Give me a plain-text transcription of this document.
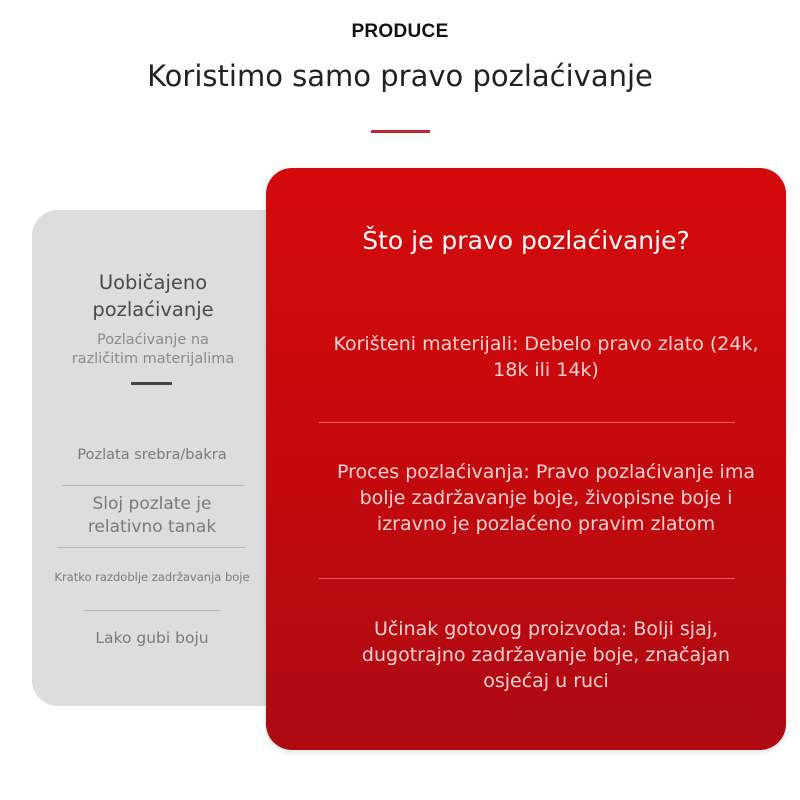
PRODUCE
Koristimo samo pravo pozlaćivanje
Uobičajeno
pozlaćivanje
Pozlaćivanje na
različitim materijalima
Pozlata srebra/bakra
Sloj pozlate je
relativno tanak
Kratko razdoblje zadržavanja boje
Lako gubi boju
Što je pravo pozlaćivanje?
Korišteni materijali: Debelo pravo zlato (24k,
18k ili 14k)
Proces pozlaćivanja: Pravo pozlaćivanje ima
bolje zadržavanje boje, živopisne boje i
izravno je pozlaćeno pravim zlatom
Učinak gotovog proizvoda: Bolji sjaj,
dugotrajno zadržavanje boje, značajan
osjećaj u ruci
